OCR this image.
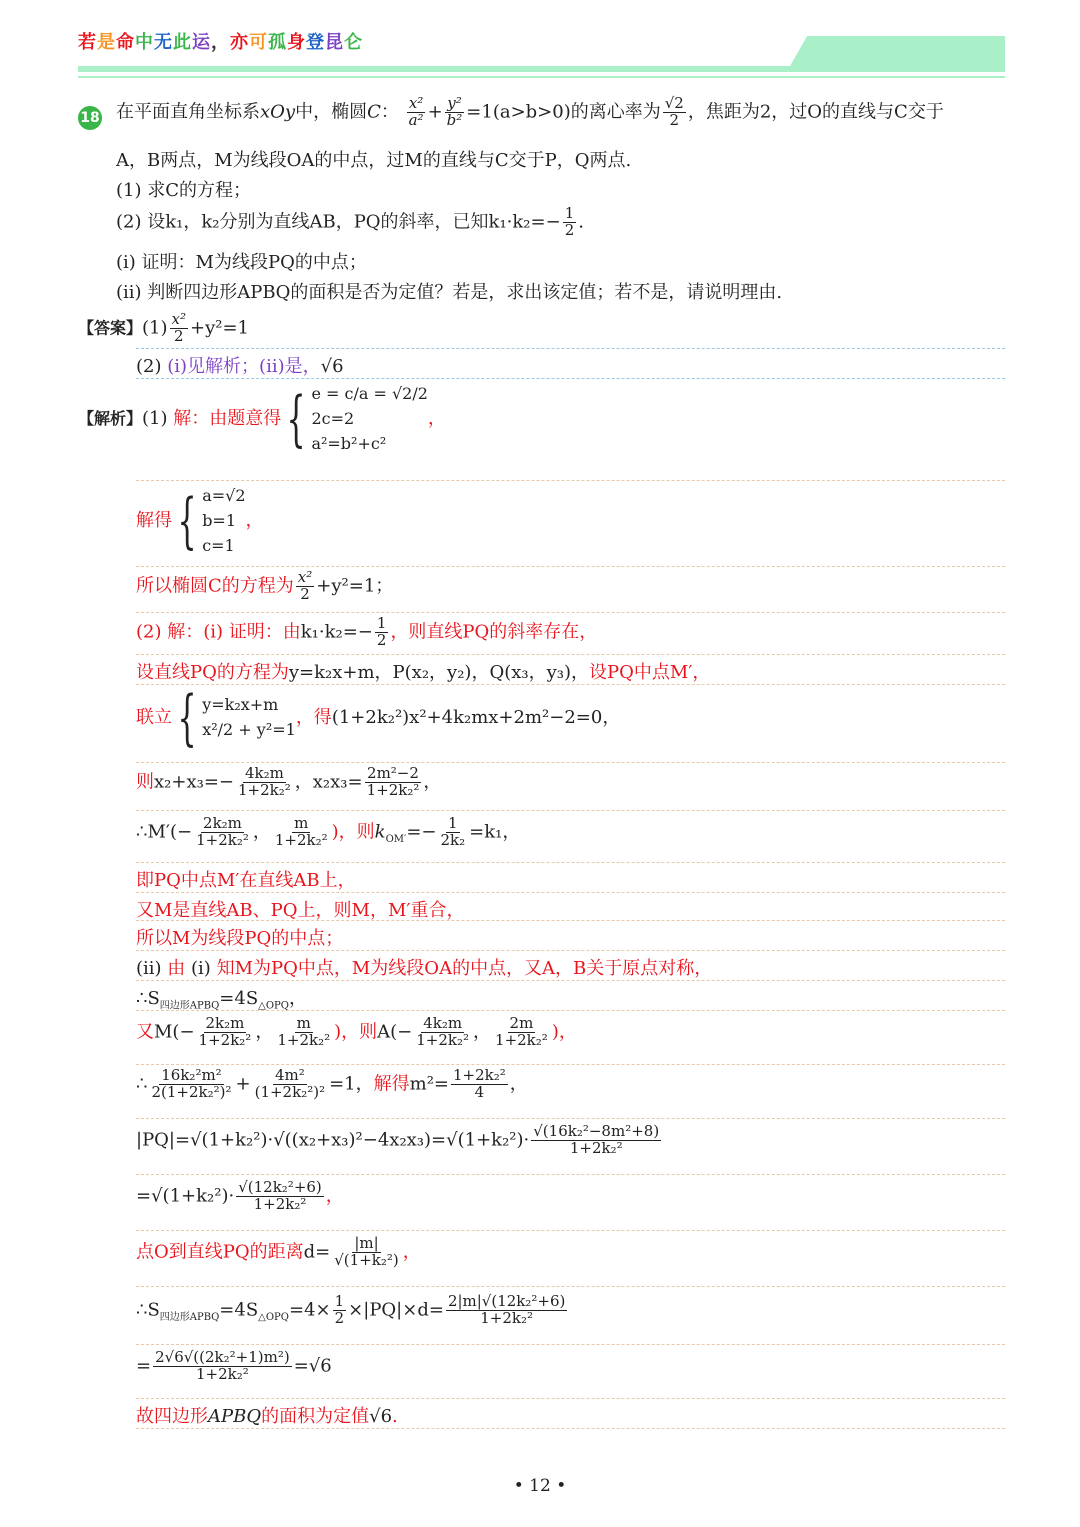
若是命中无此运，亦可孤身登昆仑
18 在平面直角坐标系xOy中，椭圆C： $\frac{\text{x²}}{\text{a²}} + \frac{\text{y²}}{\text{b²}} =1(a>b>0)$的离心率为 $\frac{√2}{2}$ ，焦距为2，过O的直线与C交于
A，B两点，M为线段OA的中点，过M的直线与C交于P，Q两点.
(1) 求C的方程；
(2) 设k₁，k₂分别为直线AB，PQ的斜率，已知$k_1\cdot k_2=- \frac{1}{2}$ .
(ⅰ) 证明：M为线段PQ的中点；
(ⅱ) 判断四边形APBQ的面积是否为定值？若是，求出该定值；若不是，请说明理由.
【答案】$(1) \frac{\text{x²}}{2} +y^2=1$
(2) (i)见解析；(ii)是，√6
【解析】(1) 解：由题意得{ e = c/a = √2/2
2c=2
a²=b²+c²
，
解得{ a=√2
b=1
c=1
，
所以椭圆C的方程为 $\frac{\text{x²}}{2} +y^2=1$；
(2) 解：(i) 证明：由$k_1\cdot k_2=- \frac{1}{2}$ ，则直线PQ的斜率存在，
设直线PQ的方程为y=k₂x+m，P(x₂，y₂)，Q(x₃，y₃)，设PQ中点M′，
联立{ y=k₂x+m
x²/2 + y²=1
，得(1+2k₂²)x²+4k₂mx+2m²−2=0，
则$x_2+x_3=- \frac{\text{4k₂m}}{\text{1+2k₂²}}$ ，$x_2x_3= \frac{\text{2m²−2}}{\text{1+2k₂²}}$ ，
∴M′(− $\frac{\text{2k₂m}}{\text{1+2k₂²}}$ ， $\frac{m}{\text{1+2k₂²}}$ )，则$k_{OM'}=- \frac{1}{\text{2k₂}} =k_1$，
即PQ中点M′在直线AB上，
又M是直线AB、PQ上，则M，M′重合，
所以M为线段PQ的中点；
(ii) 由 (i) 知M为PQ中点，M为线段OA的中点，又A，B关于原点对称，
$\therefore S_{四边形APBQ}=4S_{\triangle OPQ}$，
又$M(- \frac{\text{2k₂m}}{\text{1+2k₂²}}$ ， $\frac{m}{\text{1+2k₂²}}$ )，则$A(- \frac{\text{4k₂m}}{\text{1+2k₂²}}$ ， $\frac{2m}{\text{1+2k₂²}}$ )，
∴ $\frac{\text{16k₂²m²}}{\text{2(1+2k₂²)²}} + \frac{\text{4m²}}{\text{(1+2k₂²)²}} =1$，解得$m^2= \frac{\text{1+2k₂²}}{4}$ ，
$|PQ|=√(1+k_2^2)\cdot√((x_2+x_3)^2-4x_2x_3)=√(1+k_2^2)\cdot \frac{\text{√(16k₂²−8m²+8)}}{\text{1+2k₂²}}$
$=√(1+k_2^2)\cdot \frac{\text{√(12k₂²+6)}}{\text{1+2k₂²}}$ ，
点O到直线PQ的距离$d= \frac{|m|}{\text{√(1+k₂²)}}$ ，
$\therefore S_{四边形APBQ}=4S_{\triangle OPQ}=4\times \frac{1}{2} \times|PQ|\times d= \frac{\text{2|m|√(12k₂²+6)}}{\text{1+2k₂²}}$
= $\frac{\text{2√6√((2k₂²+1)m²)}}{\text{1+2k₂²}} =√6$
故四边形APBQ的面积为定值√6.
• 12 •
